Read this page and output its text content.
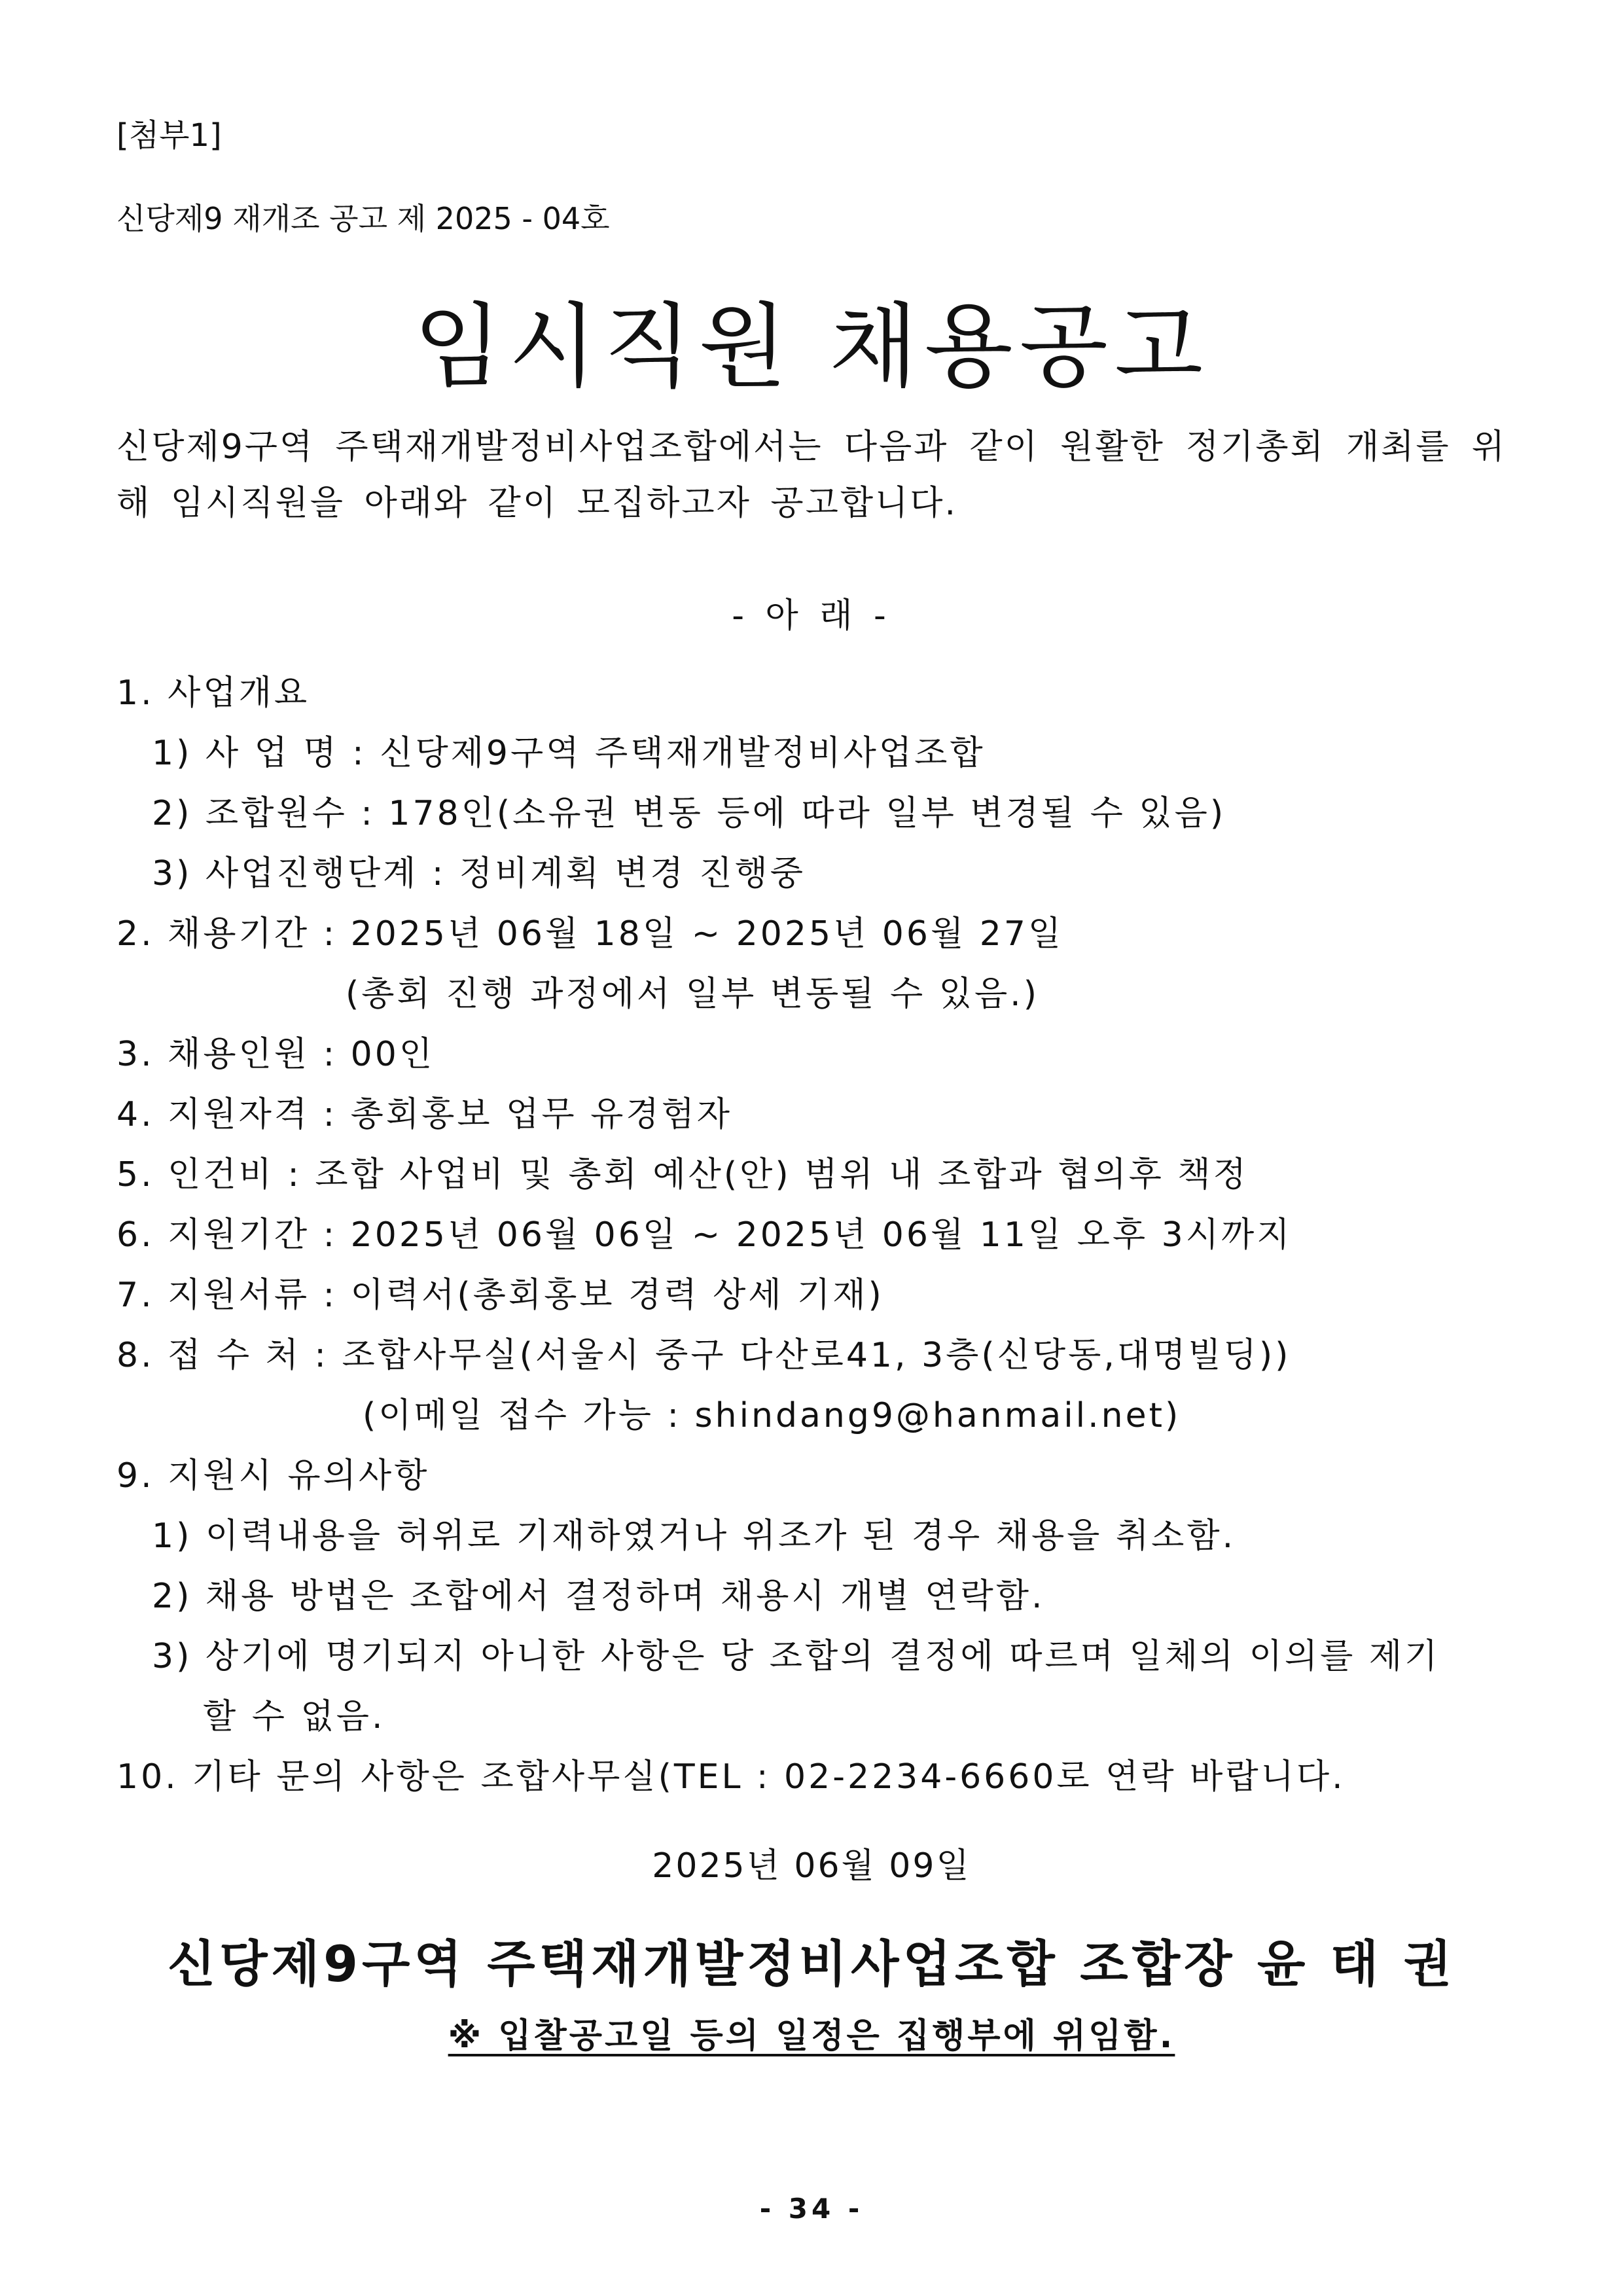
[첨부1]
신당제9 재개조 공고 제 2025 - 04호
임시직원 채용공고
신당제9구역 주택재개발정비사업조합에서는 다음과 같이 원활한 정기총회 개최를 위
해 임시직원을 아래와 같이 모집하고자 공고합니다.
- 아 래 -
1. 사업개요
1) 사 업 명 : 신당제9구역 주택재개발정비사업조합
2) 조합원수 : 178인(소유권 변동 등에 따라 일부 변경될 수 있음)
3) 사업진행단계 : 정비계획 변경 진행중
2. 채용기간 : 2025년 06월 18일 ~ 2025년 06월 27일
(총회 진행 과정에서 일부 변동될 수 있음.)
3. 채용인원 : 00인
4. 지원자격 : 총회홍보 업무 유경험자
5. 인건비 : 조합 사업비 및 총회 예산(안) 범위 내 조합과 협의후 책정
6. 지원기간 : 2025년 06월 06일 ~ 2025년 06월 11일 오후 3시까지
7. 지원서류 : 이력서(총회홍보 경력 상세 기재)
8. 접 수 처 : 조합사무실(서울시 중구 다산로41, 3층(신당동,대명빌딩))
(이메일 접수 가능 : shindang9@hanmail.net)
9. 지원시 유의사항
1) 이력내용을 허위로 기재하였거나 위조가 된 경우 채용을 취소함.
2) 채용 방법은 조합에서 결정하며 채용시 개별 연락함.
3) 상기에 명기되지 아니한 사항은 당 조합의 결정에 따르며 일체의 이의를 제기
할 수 없음.
10. 기타 문의 사항은 조합사무실(TEL : 02-2234-6660로 연락 바랍니다.
2025년 06월 09일
신당제9구역 주택재개발정비사업조합 조합장 윤 태 권
※ 입찰공고일 등의 일정은 집행부에 위임함.
- 34 -
